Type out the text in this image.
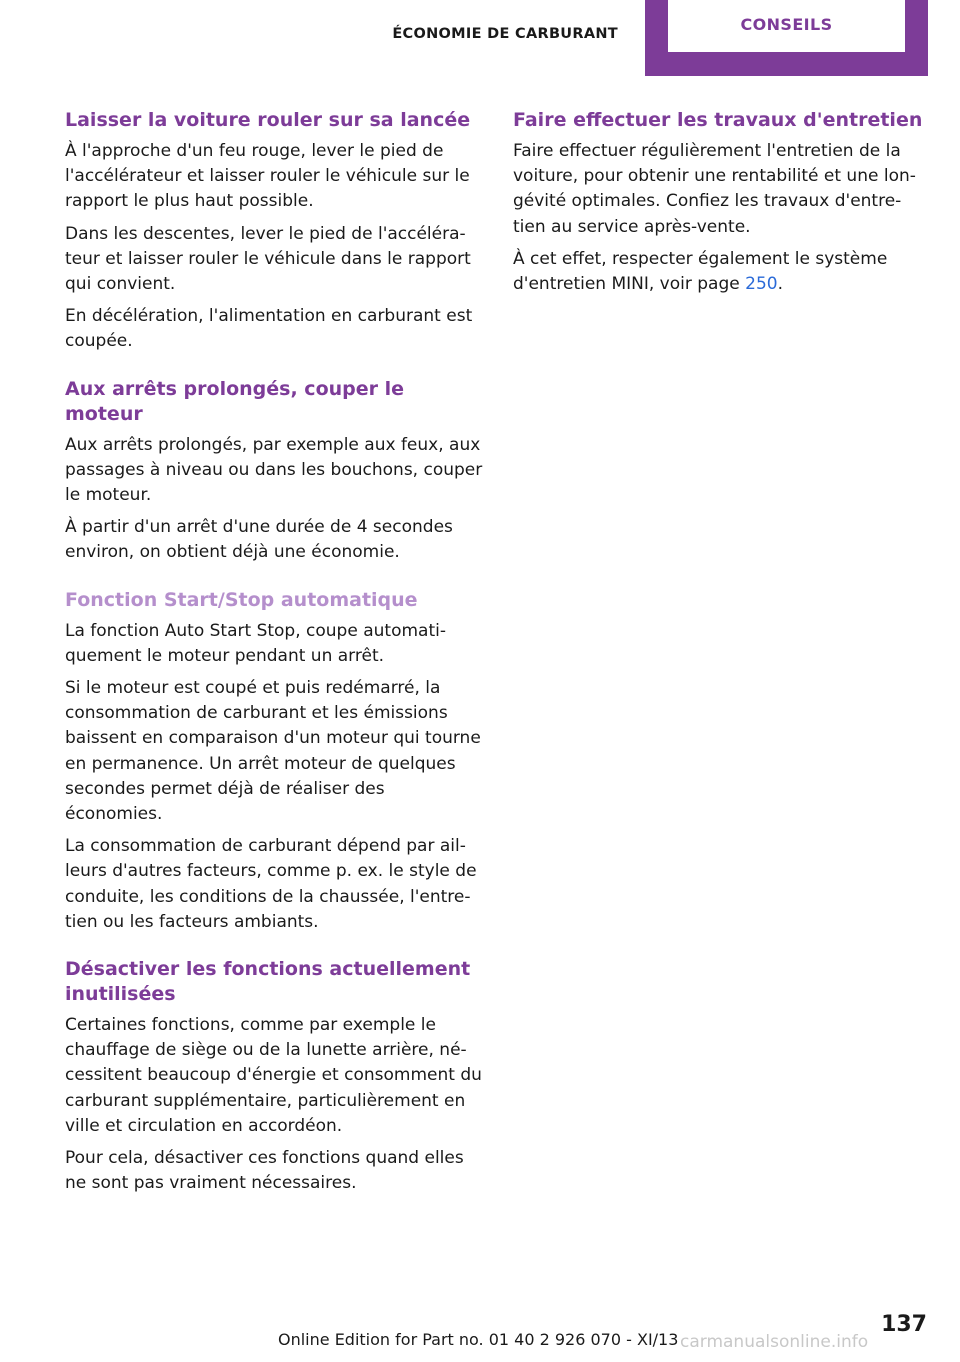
ÉCONOMIE DE CARBURANT
CONSEILS
Laisser la voiture rouler sur sa lancée

À l'approche d'un feu rouge, lever le pied de l'accélérateur et laisser rouler le véhicule sur le rapport le plus haut possible.

Dans les descentes, lever le pied de l'accéléra‐teur et laisser rouler le véhicule dans le rapport qui convient.

En décélération, l'alimentation en carburant est coupée.

Aux arrêts prolongés, couper le moteur

Aux arrêts prolongés, par exemple aux feux, aux passages à niveau ou dans les bouchons, couper le moteur.

À partir d'un arrêt d'une durée de 4 secondes environ, on obtient déjà une économie.

Fonction Start/Stop automatique

La fonction Auto Start Stop, coupe automati‐quement le moteur pendant un arrêt.

Si le moteur est coupé et puis redémarré, la consommation de carburant et les émissions baissent en comparaison d'un moteur qui tourne en permanence. Un arrêt moteur de quelques secondes permet déjà de réaliser des économies.

La consommation de carburant dépend par ail‐leurs d'autres facteurs, comme p. ex. le style de conduite, les conditions de la chaussée, l'entre‐tien ou les facteurs ambiants.

Désactiver les fonctions actuellement inutilisées

Certaines fonctions, comme par exemple le chauffage de siège ou de la lunette arrière, né‐cessitent beaucoup d'énergie et consomment du carburant supplémentaire, particulièrement en ville et circulation en accordéon.

Pour cela, désactiver ces fonctions quand elles ne sont pas vraiment nécessaires.

Faire effectuer les travaux d'entretien

Faire effectuer régulièrement l'entretien de la voiture, pour obtenir une rentabilité et une lon‐gévité optimales. Confiez les travaux d'entre‐tien au service après-vente.

À cet effet, respecter également le système d'entretien MINI, voir page 250.

137
Online Edition for Part no. 01 40 2 926 070 - XI/13 carmanualsonline.info
